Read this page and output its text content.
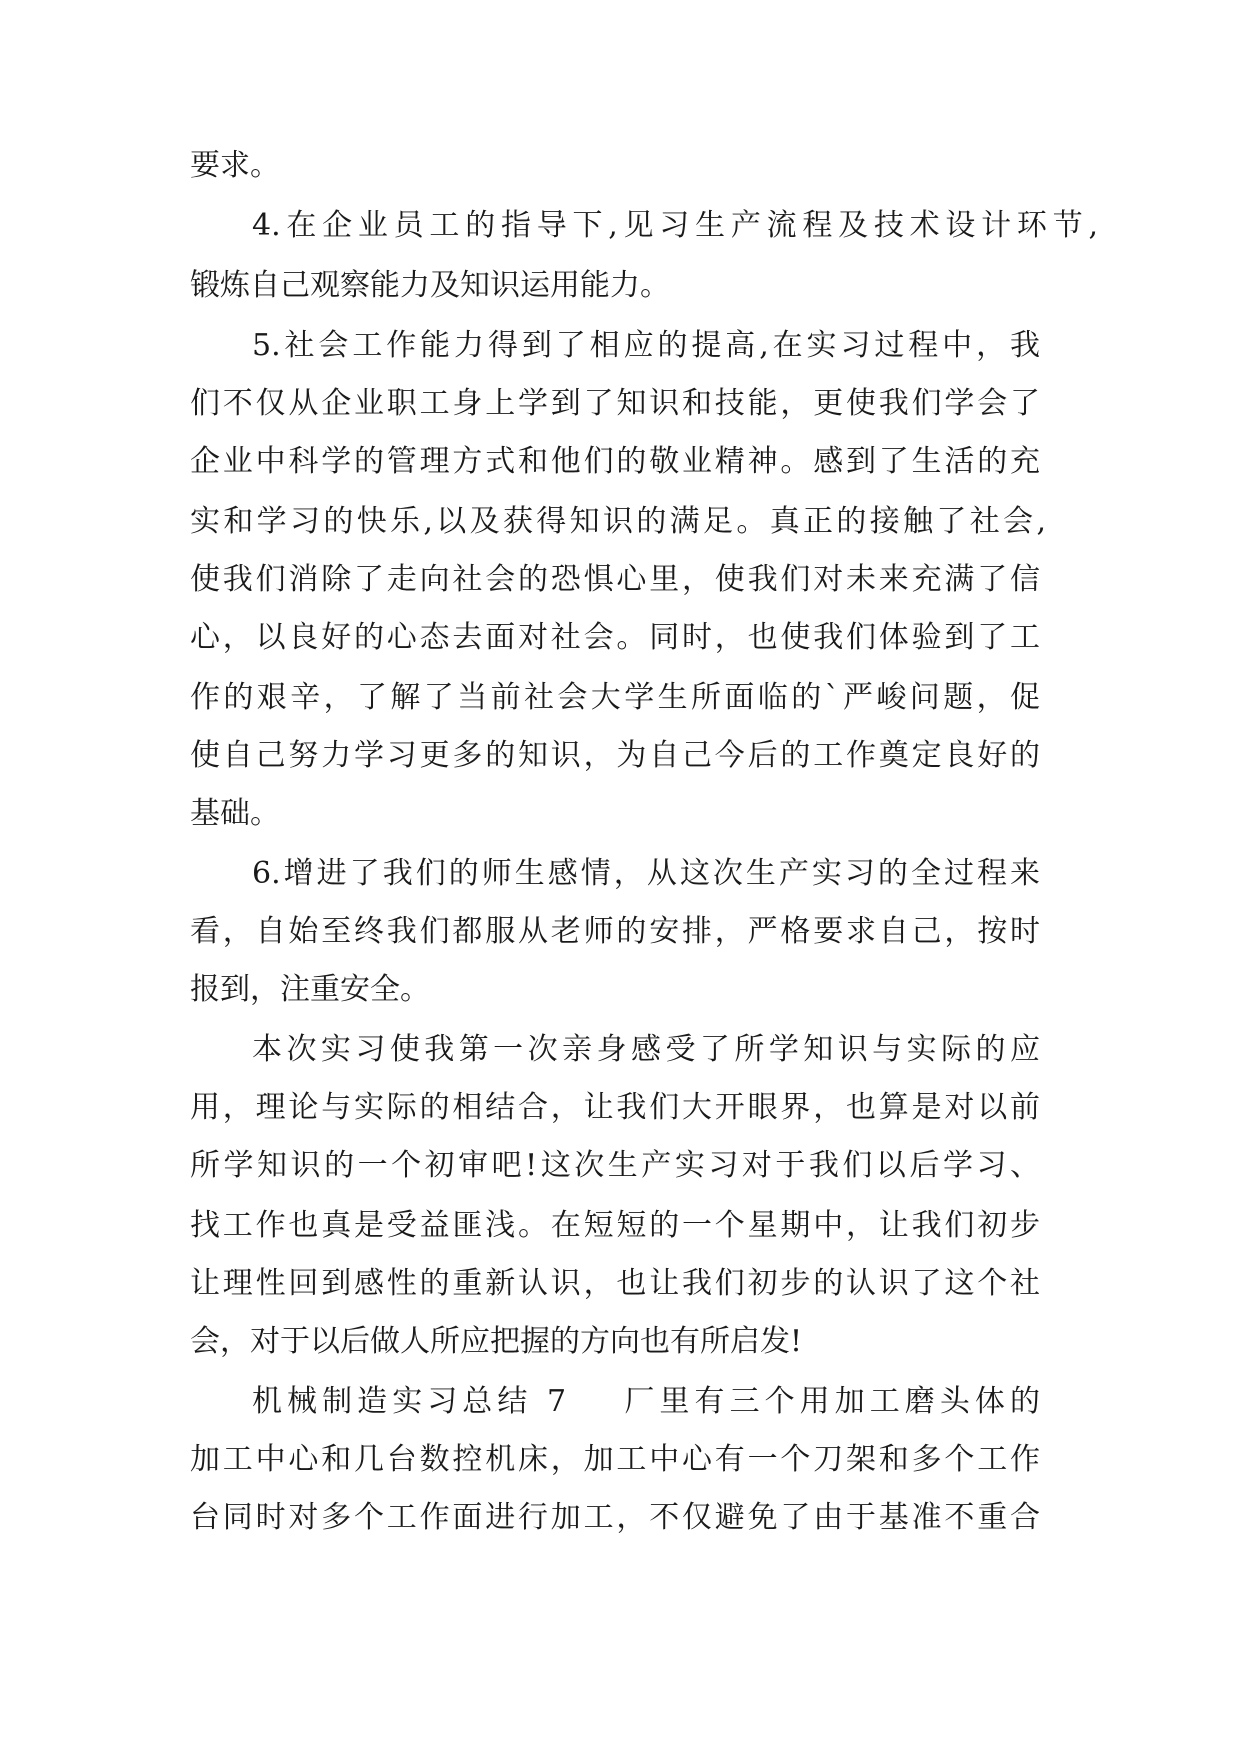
要求。
4.在企业员工的指导下,见习生产流程及技术设计环节,
锻炼自己观察能力及知识运用能力。
5.社会工作能力得到了相应的提高,在实习过程中，我
们不仅从企业职工身上学到了知识和技能，更使我们学会了
企业中科学的管理方式和他们的敬业精神。感到了生活的充
实和学习的快乐,以及获得知识的满足。真正的接触了社会,
使我们消除了走向社会的恐惧心里，使我们对未来充满了信
心，以良好的心态去面对社会。同时，也使我们体验到了工
作的艰辛，了解了当前社会大学生所面临的`严峻问题，促
使自己努力学习更多的知识，为自己今后的工作奠定良好的
基础。
6.增进了我们的师生感情，从这次生产实习的全过程来
看，自始至终我们都服从老师的安排，严格要求自己，按时
报到，注重安全。
本次实习使我第一次亲身感受了所学知识与实际的应
用，理论与实际的相结合，让我们大开眼界，也算是对以前
所学知识的一个初审吧!这次生产实习对于我们以后学习、
找工作也真是受益匪浅。在短短的一个星期中，让我们初步
让理性回到感性的重新认识，也让我们初步的认识了这个社
会，对于以后做人所应把握的方向也有所启发!
机械制造实习总结 7    厂里有三个用加工磨头体的
加工中心和几台数控机床，加工中心有一个刀架和多个工作
台同时对多个工作面进行加工，不仅避免了由于基准不重合
